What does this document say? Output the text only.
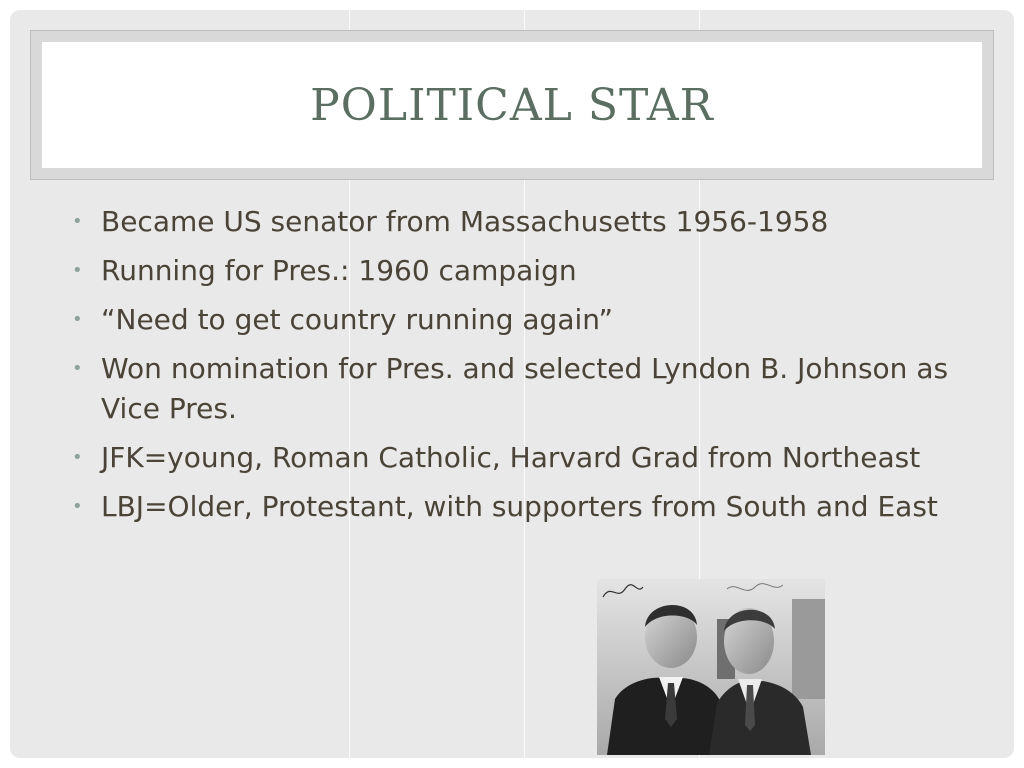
POLITICAL STAR
• Became US senator from Massachusetts 1956-1958
• Running for Pres.: 1960 campaign
• “Need to get country running again”
• Won nomination for Pres. and selected Lyndon B. Johnson as Vice Pres.
• JFK=young, Roman Catholic, Harvard Grad from Northeast
• LBJ=Older, Protestant, with supporters from South and East
